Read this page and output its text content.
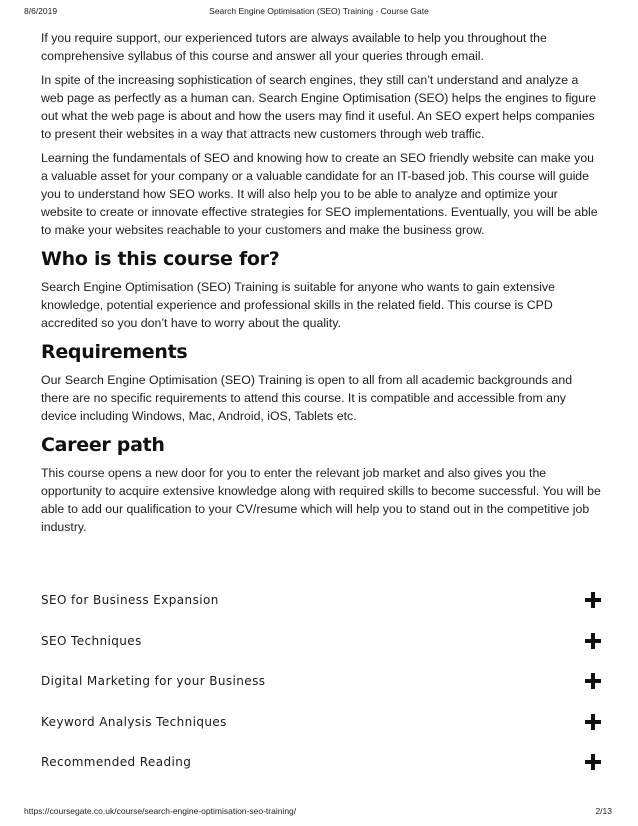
8/6/2019	Search Engine Optimisation (SEO) Training - Course Gate

If you require support, our experienced tutors are always available to help you throughout the comprehensive syllabus of this course and answer all your queries through email.

In spite of the increasing sophistication of search engines, they still can’t understand and analyze a web page as perfectly as a human can. Search Engine Optimisation (SEO) helps the engines to figure out what the web page is about and how the users may find it useful. An SEO expert helps companies to present their websites in a way that attracts new customers through web traffic.

Learning the fundamentals of SEO and knowing how to create an SEO friendly website can make you a valuable asset for your company or a valuable candidate for an IT-based job. This course will guide you to understand how SEO works. It will also help you to be able to analyze and optimize your website to create or innovate effective strategies for SEO implementations. Eventually, you will be able to make your websites reachable to your customers and make the business grow.

Who is this course for?

Search Engine Optimisation (SEO) Training is suitable for anyone who wants to gain extensive knowledge, potential experience and professional skills in the related field. This course is CPD accredited so you don’t have to worry about the quality.

Requirements

Our Search Engine Optimisation (SEO) Training is open to all from all academic backgrounds and there are no specific requirements to attend this course. It is compatible and accessible from any device including Windows, Mac, Android, iOS, Tablets etc.

Career path

This course opens a new door for you to enter the relevant job market and also gives you the opportunity to acquire extensive knowledge along with required skills to become successful. You will be able to add our qualification to your CV/resume which will help you to stand out in the competitive job industry.

SEO for Business Expansion
SEO Techniques
Digital Marketing for your Business
Keyword Analysis Techniques
Recommended Reading
https://coursegate.co.uk/course/search-engine-optimisation-seo-training/	2/13
